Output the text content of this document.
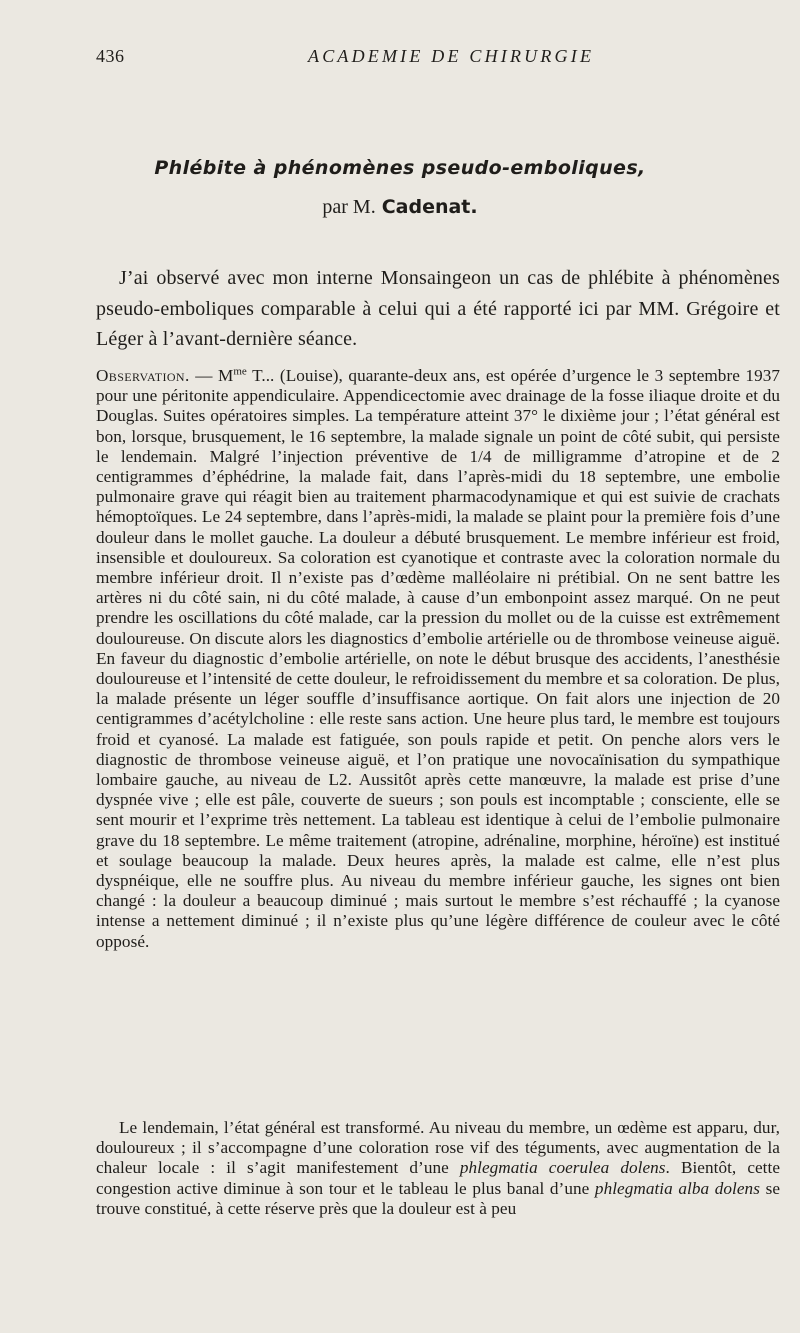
436	ACADEMIE DE CHIRURGIE
Phlébite à phénomènes pseudo-emboliques,
par M. Cadenat.

J’ai observé avec mon interne Monsaingeon un cas de phlébite à phénomènes pseudo-emboliques comparable à celui qui a été rapporté ici par MM. Grégoire et Léger à l’avant-dernière séance.

Observation. — $M^{me}$ T... (Louise), quarante-deux ans, est opérée d’urgence le 3 septembre 1937 pour une péritonite appendiculaire. Appendicectomie avec drainage de la fosse iliaque droite et du Douglas. Suites opératoires simples. La température atteint 37° le dixième jour ; l’état général est bon, lorsque, brusquement, le 16 septembre, la malade signale un point de côté subit, qui persiste le lendemain. Malgré l’injection préventive de 1/4 de milligramme d’atropine et de 2 centigrammes d’éphédrine, la malade fait, dans l’après-midi du 18 septembre, une embolie pulmonaire grave qui réagit bien au traitement pharmacodynamique et qui est suivie de crachats hémoptoïques. Le 24 septembre, dans l’après-midi, la malade se plaint pour la première fois d’une douleur dans le mollet gauche. La douleur a débuté brusquement. Le membre inférieur est froid, insensible et douloureux. Sa coloration est cyanotique et contraste avec la coloration normale du membre inférieur droit. Il n’existe pas d’œdème malléolaire ni prétibial. On ne sent battre les artères ni du côté sain, ni du côté malade, à cause d’un embonpoint assez marqué. On ne peut prendre les oscillations du côté malade, car la pression du mollet ou de la cuisse est extrêmement douloureuse. On discute alors les diagnostics d’embolie artérielle ou de thrombose veineuse aiguë. En faveur du diagnostic d’embolie artérielle, on note le début brusque des accidents, l’anesthésie douloureuse et l’intensité de cette douleur, le refroidissement du membre et sa coloration. De plus, la malade présente un léger souffle d’insuffisance aortique. On fait alors une injection de 20 centigrammes d’acétylcholine : elle reste sans action. Une heure plus tard, le membre est toujours froid et cyanosé. La malade est fatiguée, son pouls rapide et petit. On penche alors vers le diagnostic de thrombose veineuse aiguë, et l’on pratique une novocaïnisation du sympathique lombaire gauche, au niveau de L2. Aussitôt après cette manœuvre, la malade est prise d’une dyspnée vive ; elle est pâle, couverte de sueurs ; son pouls est incomptable ; consciente, elle se sent mourir et l’exprime très nettement. La tableau est identique à celui de l’embolie pulmonaire grave du 18 septembre. Le même traitement (atropine, adrénaline, morphine, héroïne) est institué et soulage beaucoup la malade. Deux heures après, la malade est calme, elle n’est plus dyspnéique, elle ne souffre plus. Au niveau du membre inférieur gauche, les signes ont bien changé : la douleur a beaucoup diminué ; mais surtout le membre s’est réchauffé ; la cyanose intense a nettement diminué ; il n’existe plus qu’une légère différence de couleur avec le côté opposé.

Le lendemain, l’état général est transformé. Au niveau du membre, un œdème est apparu, dur, douloureux ; il s’accompagne d’une coloration rose vif des téguments, avec augmentation de la chaleur locale : il s’agit manifestement d’une phlegmatia coerulea dolens. Bientôt, cette congestion active diminue à son tour et le tableau le plus banal d’une phlegmatia alba dolens se trouve constitué, à cette réserve près que la douleur est à peu
